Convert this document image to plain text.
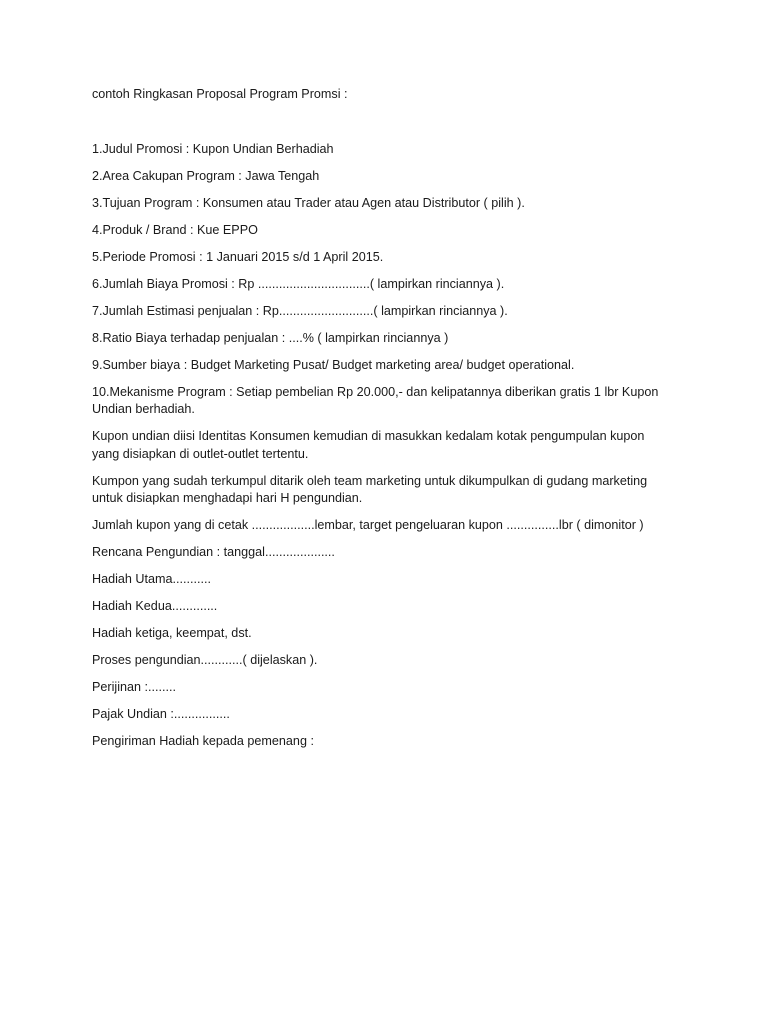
contoh Ringkasan Proposal Program Promsi :
1.Judul Promosi : Kupon Undian Berhadiah
2.Area Cakupan Program : Jawa Tengah
3.Tujuan Program : Konsumen atau Trader atau Agen atau Distributor ( pilih ).
4.Produk / Brand : Kue EPPO
5.Periode Promosi : 1 Januari 2015 s/d 1 April 2015.
6.Jumlah Biaya Promosi : Rp ................................( lampirkan rinciannya ).
7.Jumlah Estimasi penjualan : Rp...........................( lampirkan rinciannya ).
8.Ratio Biaya terhadap penjualan : ....% ( lampirkan rinciannya )
9.Sumber biaya : Budget Marketing Pusat/ Budget marketing area/ budget operational.
10.Mekanisme Program : Setiap pembelian Rp 20.000,- dan kelipatannya diberikan gratis 1 lbr Kupon
Undian berhadiah.
Kupon undian diisi Identitas Konsumen kemudian di masukkan kedalam kotak pengumpulan kupon
yang disiapkan di outlet-outlet tertentu.
Kumpon yang sudah terkumpul ditarik oleh team marketing untuk dikumpulkan di gudang marketing
untuk disiapkan menghadapi hari H pengundian.
Jumlah kupon yang di cetak ..................lembar, target pengeluaran kupon ...............lbr ( dimonitor )
Rencana Pengundian : tanggal....................
Hadiah Utama...........
Hadiah Kedua.............
Hadiah ketiga, keempat, dst.
Proses pengundian............( dijelaskan ).
Perijinan :........
Pajak Undian :................
Pengiriman Hadiah kepada pemenang :
